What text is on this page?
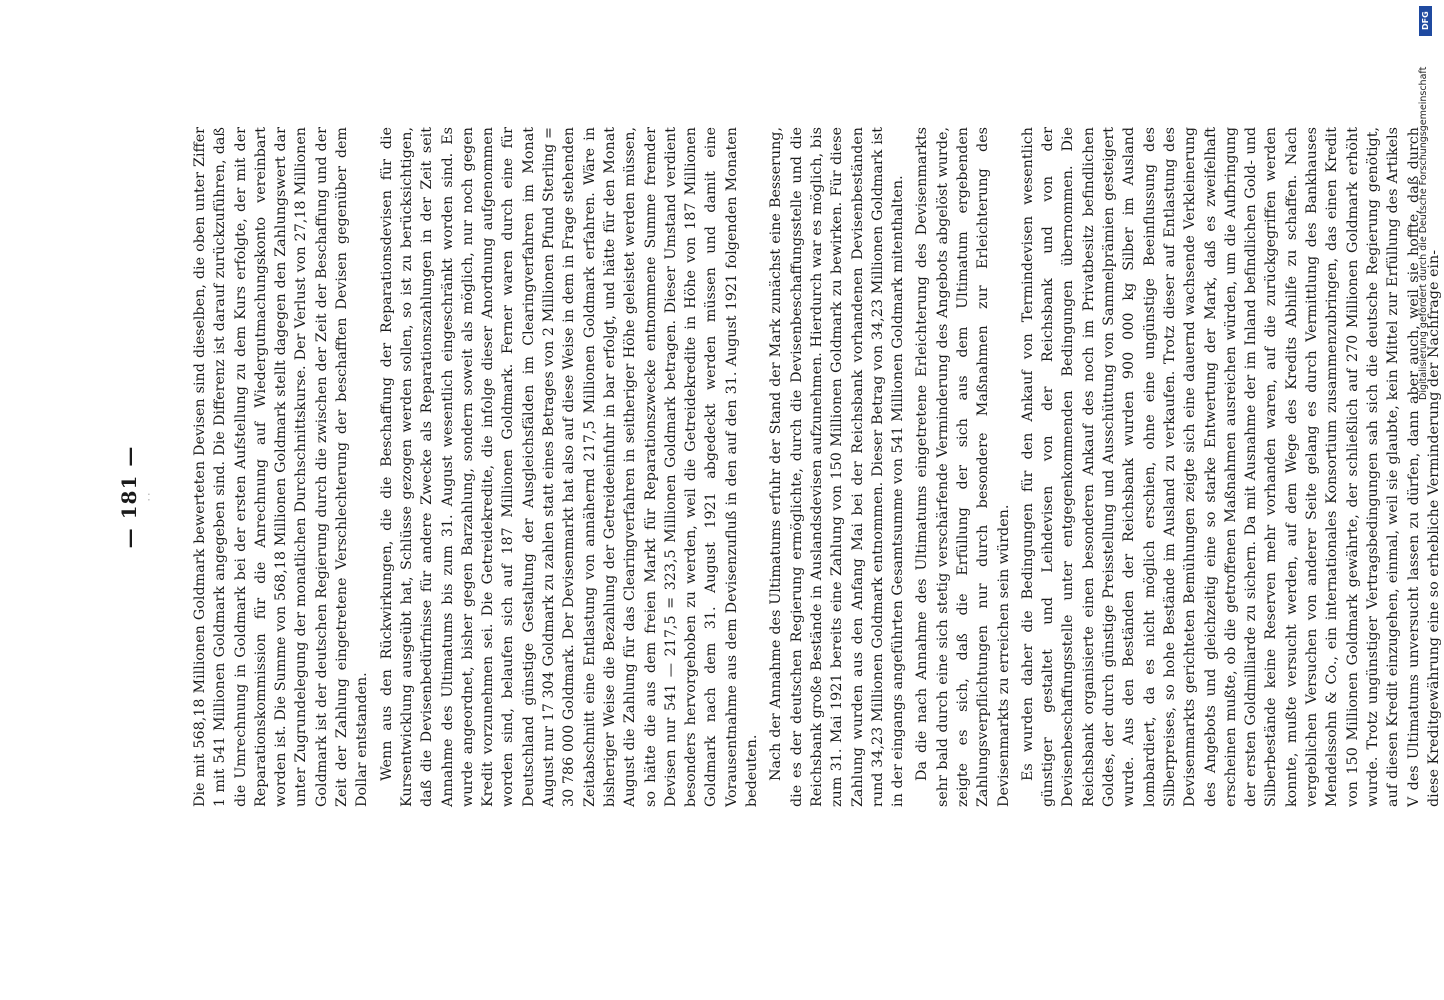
— 181 — · ·	Die mit 568,18 Millionen Goldmark bewerteten Devisen sind dieselben, die oben unter Ziffer 1 mit 541 Millionen Goldmark angegeben sind. Die Differenz ist darauf zurückzuführen, daß die Umrechnung in Goldmark bei der ersten Aufstellung zu dem Kurs erfolgte, der mit der Reparationskommission für die Anrechnung auf Wiedergutmachungskonto vereinbart worden ist. Die Summe von 568,18 Millionen Goldmark stellt dagegen den Zahlungswert dar unter Zugrundelegung der monatlichen Durchschnittskurse. Der Verlust von 27,18 Millionen Goldmark ist der deutschen Regierung durch die zwischen der Zeit der Beschaffung und der Zeit der Zahlung eingetretene Verschlechterung der beschafften Devisen gegenüber dem Dollar entstanden. Wenn aus den Rückwirkungen, die die Beschaffung der Reparationsdevisen für die Kursentwicklung ausgeübt hat, Schlüsse gezogen werden sollen, so ist zu berücksichtigen, daß die Devisenbedürfnisse für andere Zwecke als Reparationszahlungen in der Zeit seit Annahme des Ultimatums bis zum 31. August wesentlich eingeschränkt worden sind. Es wurde angeordnet, bisher gegen Barzahlung, sondern soweit als möglich, nur noch gegen Kredit vorzunehmen sei. Die Getreidekredite, die infolge dieser Anordnung aufgenommen worden sind, belaufen sich auf 187 Millionen Goldmark. Ferner waren durch eine für Deutschland günstige Gestaltung der Ausgleichsfälden im Clearingverfahren im Monat August nur 17 304 Goldmark zu zahlen statt eines Betrages von 2 Millionen Pfund Sterling = 30 786 000 Goldmark. Der Devisenmarkt hat also auf diese Weise in dem in Frage stehenden Zeitabschnitt eine Entlastung von annähernd 217,5 Millionen Goldmark erfahren. Wäre in bisheriger Weise die Bezahlung der Getreideeinfuhr in bar erfolgt, und hätte für den Monat August die Zahlung für das Clearingverfahren in seitheriger Höhe geleistet werden müssen, so hätte die aus dem freien Markt für Reparationszwecke entnommene Summe fremder Devisen nur 541 — 217,5 = 323,5 Millionen Goldmark betragen. Dieser Umstand verdient besonders hervorgehoben zu werden, weil die Getreidekredite in Höhe von 187 Millionen Goldmark nach dem 31. August 1921 abgedeckt werden müssen und damit eine Vorausentnahme aus dem Devisenzufluß in den auf den 31. August 1921 folgenden Monaten bedeuten. Nach der Annahme des Ultimatums erfuhr der Stand der Mark zunächst eine Besserung, die es der deutschen Regierung ermöglichte, durch die Devisenbeschaffungsstelle und die Reichsbank große Bestände in Auslandsdevisen aufzunehmen. Hierdurch war es möglich, bis zum 31. Mai 1921 bereits eine Zahlung von 150 Millionen Goldmark zu bewirken. Für diese Zahlung wurden aus den Anfang Mai bei der Reichsbank vorhandenen Devisenbeständen rund 34,23 Millionen Goldmark entnommen. Dieser Betrag von 34,23 Millionen Goldmark ist in der eingangs angeführten Gesamtsumme von 541 Millionen Goldmark mitenthalten. Da die nach Annahme des Ultimatums eingetretene Erleichterung des Devisenmarkts sehr bald durch eine sich stetig verschärfende Verminderung des Angebots abgelöst wurde, zeigte es sich, daß die Erfüllung der sich aus dem Ultimatum ergebenden Zahlungsverpflichtungen nur durch besondere Maßnahmen zur Erleichterung des Devisenmarkts zu erreichen sein würden. Es wurden daher die Bedingungen für den Ankauf von Termindevisen wesentlich günstiger gestaltet und Leihdevisen von der Reichsbank und von der Devisenbeschaffungsstelle unter entgegenkommenden Bedingungen übernommen. Die Reichsbank organisierte einen besonderen Ankauf des noch im Privatbesitz befindlichen Goldes, der durch günstige Preisstellung und Ausschüttung von Sammelprämien gesteigert wurde. Aus den Beständen der Reichsbank wurden 900 000 kg Silber im Ausland lombardiert, da es nicht möglich erschien, ohne eine ungünstige Beeinflussung des Silberpreises, so hohe Bestände im Ausland zu verkaufen. Trotz dieser auf Entlastung des Devisenmarkts gerichteten Bemühungen zeigte sich eine dauernd wachsende Verkleinerung des Angebots und gleichzeitig eine so starke Entwertung der Mark, daß es zweifelhaft erscheinen mußte, ob die getroffenen Maßnahmen ausreichen würden, um die Aufbringung der ersten Goldmilliarde zu sichern. Da mit Ausnahme der im Inland befindlichen Gold- und Silberbestände keine Reserven mehr vorhanden waren, auf die zurückgegriffen werden konnte, mußte versucht werden, auf dem Wege des Kredits Abhilfe zu schaffen. Nach vergeblichen Versuchen von anderer Seite gelang es durch Vermittlung des Bankhauses Mendelssohn & Co., ein internationales Konsortium zusammenzubringen, das einen Kredit von 150 Millionen Goldmark gewährte, der schließlich auf 270 Millionen Goldmark erhöht wurde. Trotz ungünstiger Vertragsbedingungen sah sich die deutsche Regierung genötigt, auf diesen Kredit einzugehen, einmal, weil sie glaubte, kein Mittel zur Erfüllung des Artikels V des Ultimatums unversucht lassen zu dürfen, dann aber auch, weil sie hoffte, daß durch diese Kreditgewährung eine so erhebliche Verminderung der Nachfrage ein-

DFG
Digitalisierung gefördert durch die Deutsche Forschungsgemeinschaft
